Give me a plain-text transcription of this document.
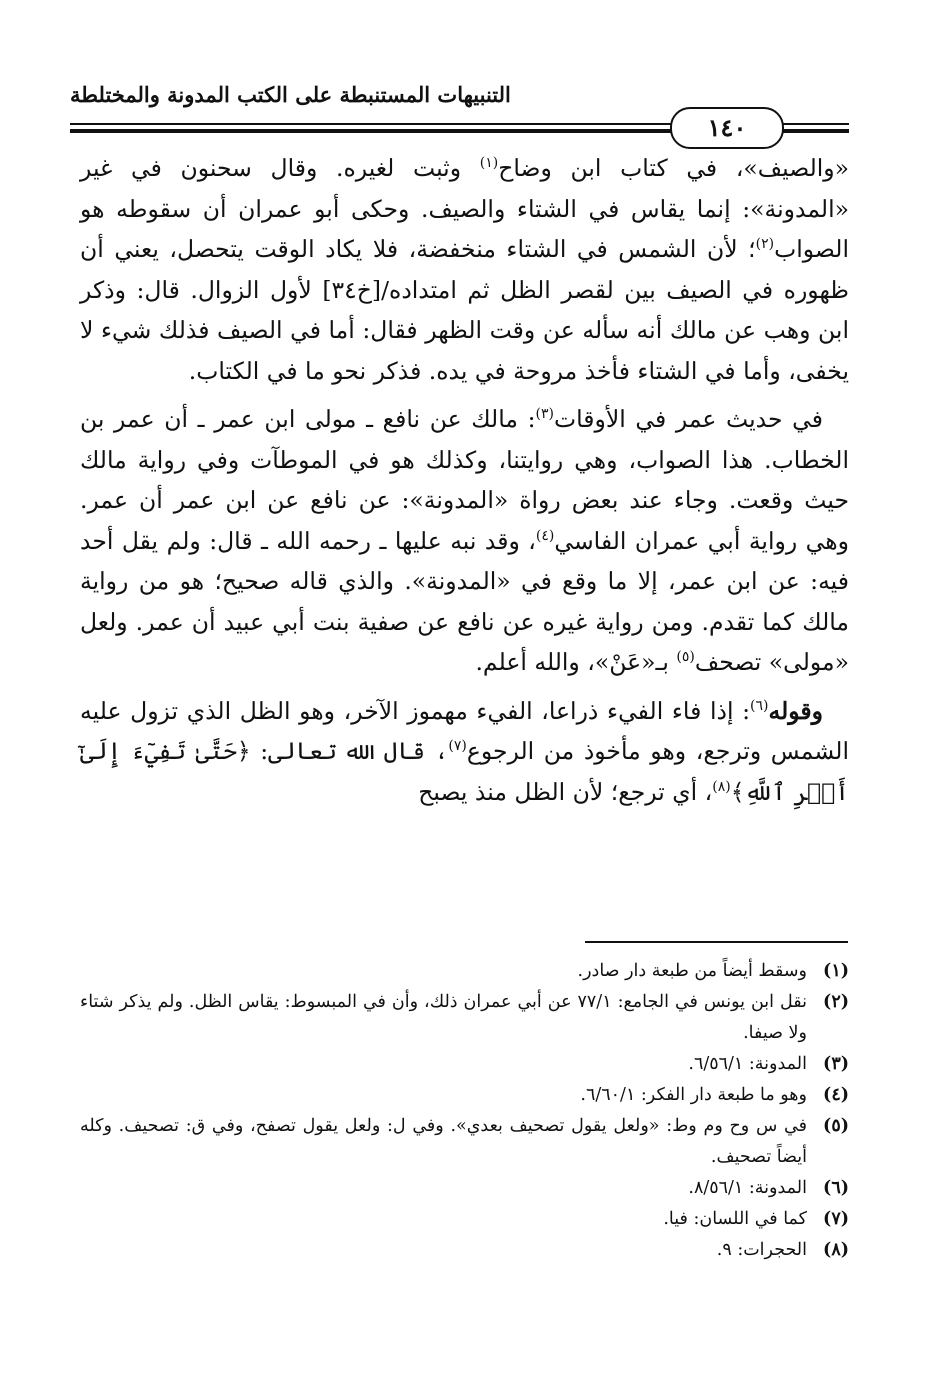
التنبيهات المستنبطة على الكتب المدونة والمختلطة
١٤٠

«والصيف»، في كتاب ابن وضاح$^{(١)}$ وثبت لغيره. وقال سحنون في غير «المدونة»: إنما يقاس في الشتاء والصيف. وحكى أبو عمران أن سقوطه هو الصواب$^{(٢)}$؛ لأن الشمس في الشتاء منخفضة، فلا يكاد الوقت يتحصل، يعني أن ظهوره في الصيف بين لقصر الظل ثم امتداده/[خ٣٤] لأول الزوال. قال: وذكر ابن وهب عن مالك أنه سأله عن وقت الظهر فقال: أما في الصيف فذلك شيء لا يخفى، وأما في الشتاء فأخذ مروحة في يده. فذكر نحو ما في الكتاب.

في حديث عمر في الأوقات$^{(٣)}$: مالك عن نافع ـ مولى ابن عمر ـ أن عمر بن الخطاب. هذا الصواب، وهي روايتنا، وكذلك هو في الموطآت وفي رواية مالك حيث وقعت. وجاء عند بعض رواة «المدونة»: عن نافع عن ابن عمر أن عمر. وهي رواية أبي عمران الفاسي$^{(٤)}$، وقد نبه عليها ـ رحمه الله ـ قال: ولم يقل أحد فيه: عن ابن عمر، إلا ما وقع في «المدونة». والذي قاله صحيح؛ هو من رواية مالك كما تقدم. ومن رواية غيره عن نافع عن صفية بنت أبي عبيد أن عمر. ولعل «مولى» تصحف$^{(٥)}$ بـ«عَنْ»، والله أعلم.

وقوله$^{(٦)}$: إذا فاء الفيء ذراعا، الفيء مهموز الآخر، وهو الظل الذي تزول عليه الشمس وترجع، وهو مأخوذ من الرجوع$^{(٧)}$، قال الله تعالى: ﴿حَتَّىٰ تَفِيٓءَ إِلَىٰٓ أَمۡرِ ٱللَّهِ﴾$^{(٨)}$، أي ترجع؛ لأن الظل منذ يصبح

(١)
وسقط أيضاً من طبعة دار صادر.
(٢)
نقل ابن يونس في الجامع: ٧٧/١ عن أبي عمران ذلك، وأن في المبسوط: يقاس الظل. ولم يذكر شتاء ولا صيفا.
(٣)
المدونة: ٦/٥٦/١.
(٤)
وهو ما طبعة دار الفكر: ٦/٦٠/١.
(٥)
في س وح وم وط: «ولعل يقول تصحيف بعدي». وفي ل: ولعل يقول تصفح، وفي ق: تصحيف. وكله أيضاً تصحيف.
(٦)
المدونة: ٨/٥٦/١.
(٧)
كما في اللسان: فيا.
(٨)
الحجرات: ٩.
